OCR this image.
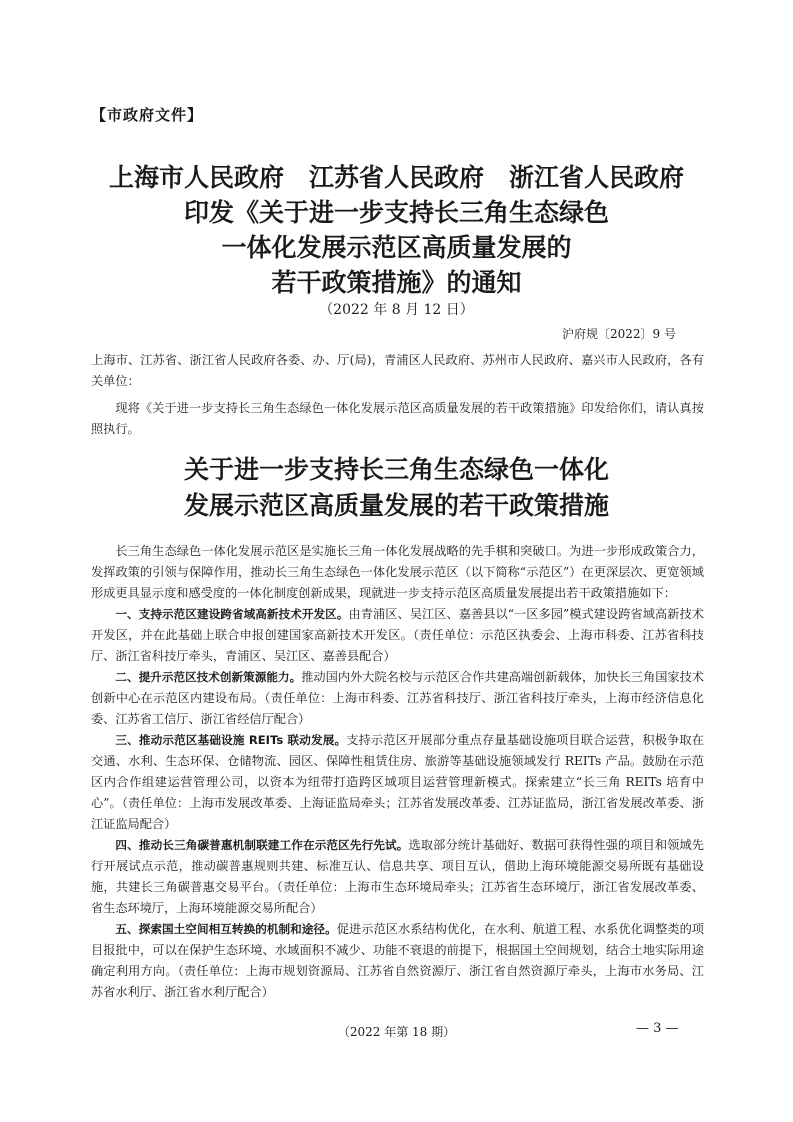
【市政府文件】
上海市人民政府　江苏省人民政府　浙江省人民政府
印发《关于进一步支持长三角生态绿色
一体化发展示范区高质量发展的
若干政策措施》的通知
（2022 年 8 月 12 日）
沪府规〔2022〕9 号
上海市、江苏省、浙江省人民政府各委、办、厅(局)，青浦区人民政府、苏州市人民政府、嘉兴市人民政府，各有关单位：
现将《关于进一步支持长三角生态绿色一体化发展示范区高质量发展的若干政策措施》印发给你们，请认真按照执行。
关于进一步支持长三角生态绿色一体化
发展示范区高质量发展的若干政策措施

长三角生态绿色一体化发展示范区是实施长三角一体化发展战略的先手棋和突破口。为进一步形成政策合力，发挥政策的引领与保障作用，推动长三角生态绿色一体化发展示范区（以下简称“示范区”）在更深层次、更宽领域形成更具显示度和感受度的一体化制度创新成果，现就进一步支持示范区高质量发展提出若干政策措施如下：

一、支持示范区建设跨省域高新技术开发区。由青浦区、吴江区、嘉善县以“一区多园”模式建设跨省域高新技术开发区，并在此基础上联合申报创建国家高新技术开发区。（责任单位：示范区执委会、上海市科委、江苏省科技厅、浙江省科技厅牵头，青浦区、吴江区、嘉善县配合）

二、提升示范区技术创新策源能力。推动国内外大院名校与示范区合作共建高端创新载体，加快长三角国家技术创新中心在示范区内建设布局。（责任单位：上海市科委、江苏省科技厅、浙江省科技厅牵头，上海市经济信息化委、江苏省工信厅、浙江省经信厅配合）

三、推动示范区基础设施 REITs 联动发展。支持示范区开展部分重点存量基础设施项目联合运营，积极争取在交通、水利、生态环保、仓储物流、园区、保障性租赁住房、旅游等基础设施领域发行 REITs 产品。鼓励在示范区内合作组建运营管理公司，以资本为纽带打造跨区域项目运营管理新模式。探索建立“长三角 REITs 培育中心”。（责任单位：上海市发展改革委、上海证监局牵头；江苏省发展改革委、江苏证监局，浙江省发展改革委、浙江证监局配合）

四、推动长三角碳普惠机制联建工作在示范区先行先试。选取部分统计基础好、数据可获得性强的项目和领域先行开展试点示范，推动碳普惠规则共建、标准互认、信息共享、项目互认，借助上海环境能源交易所既有基础设施，共建长三角碳普惠交易平台。（责任单位：上海市生态环境局牵头；江苏省生态环境厅，浙江省发展改革委、省生态环境厅，上海环境能源交易所配合）

五、探索国土空间相互转换的机制和途径。促进示范区水系结构优化，在水利、航道工程、水系优化调整类的项目报批中，可以在保护生态环境、水域面积不减少、功能不衰退的前提下，根据国土空间规划，结合土地实际用途确定利用方向。（责任单位：上海市规划资源局、江苏省自然资源厅、浙江省自然资源厅牵头，上海市水务局、江苏省水利厅、浙江省水利厅配合）

（2022 年第 18 期）	— 3 —
